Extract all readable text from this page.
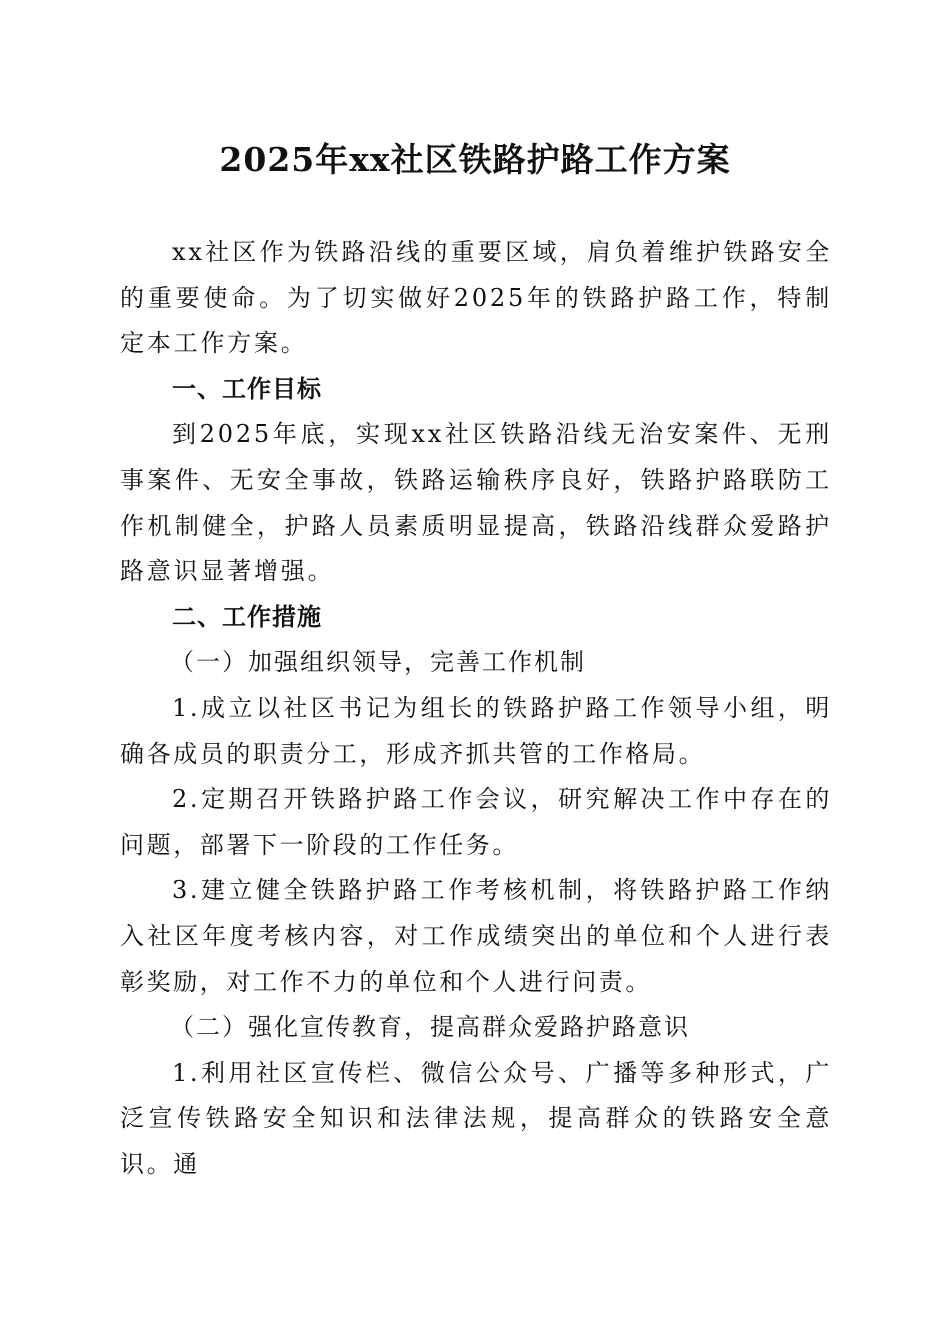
2025年xx社区铁路护路工作方案

xx社区作为铁路沿线的重要区域，肩负着维护铁路安全的重要使命。为了切实做好2025年的铁路护路工作，特制定本工作方案。

一、工作目标

到2025年底，实现xx社区铁路沿线无治安案件、无刑事案件、无安全事故，铁路运输秩序良好，铁路护路联防工作机制健全，护路人员素质明显提高，铁路沿线群众爱路护路意识显著增强。

二、工作措施

（一）加强组织领导，完善工作机制

1.成立以社区书记为组长的铁路护路工作领导小组，明确各成员的职责分工，形成齐抓共管的工作格局。

2.定期召开铁路护路工作会议，研究解决工作中存在的问题，部署下一阶段的工作任务。

3.建立健全铁路护路工作考核机制，将铁路护路工作纳入社区年度考核内容，对工作成绩突出的单位和个人进行表彰奖励，对工作不力的单位和个人进行问责。

（二）强化宣传教育，提高群众爱路护路意识

1.利用社区宣传栏、微信公众号、广播等多种形式，广泛宣传铁路安全知识和法律法规，提高群众的铁路安全意识。通
